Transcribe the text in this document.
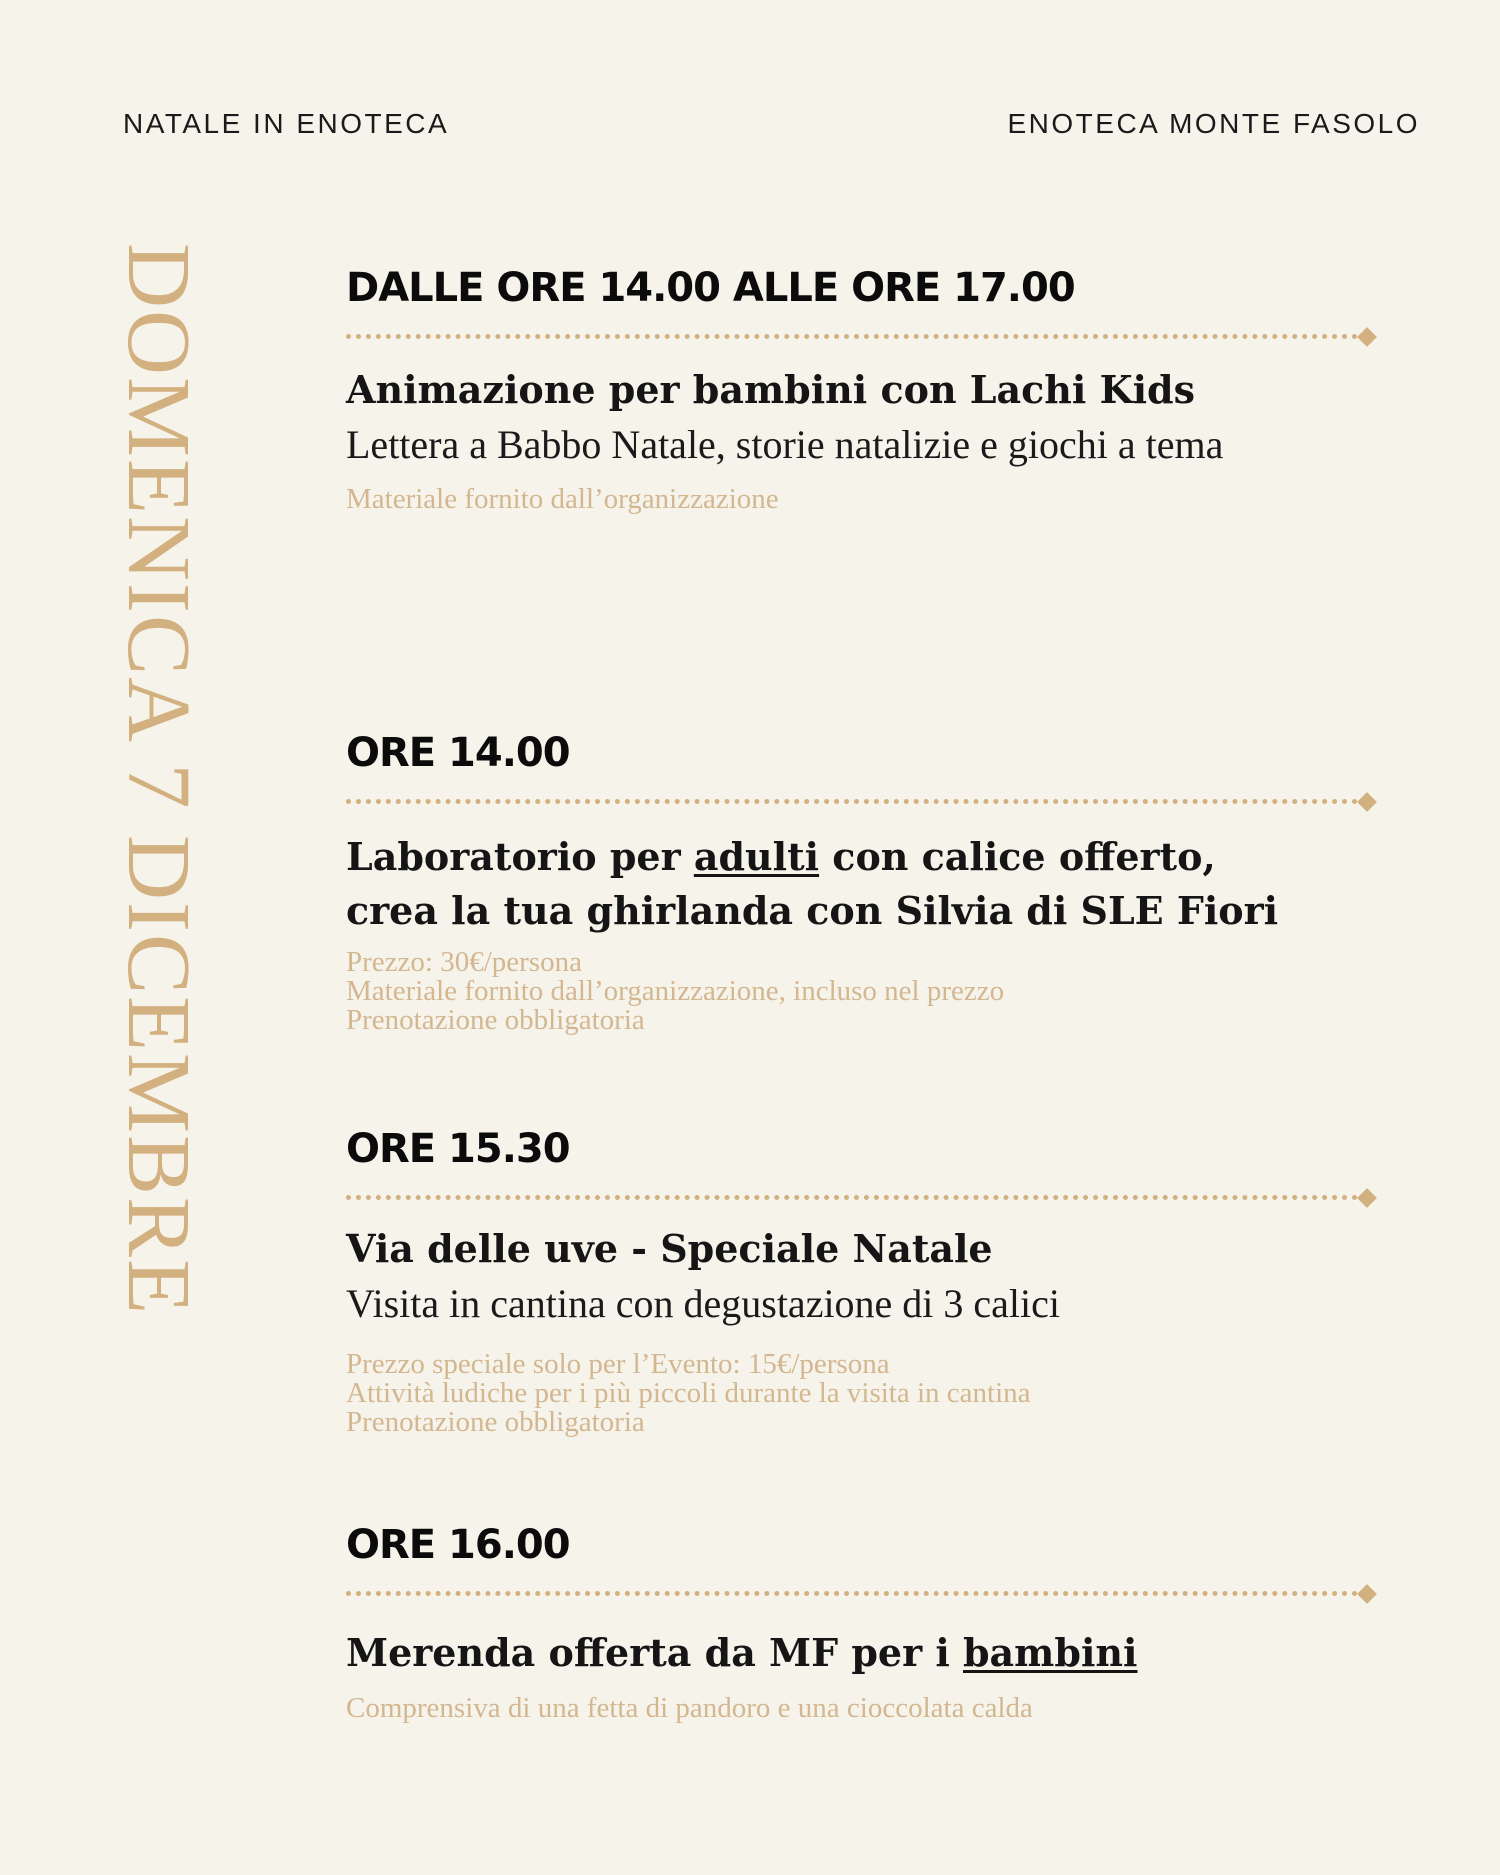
NATALE IN ENOTECA	ENOTECA MONTE FASOLO
DOMENICA 7 DICEMBRE	DALLE ORE 14.00 ALLE ORE 17.00

Animazione per bambini con Lachi Kids

Lettera a Babbo Natale, storie natalizie e giochi a tema

Materiale fornito dall’organizzazione

ORE 14.00

Laboratorio per adulti con calice offerto,

crea la tua ghirlanda con Silvia di SLE Fiori

Prezzo: 30€/persona

Materiale fornito dall’organizzazione, incluso nel prezzo

Prenotazione obbligatoria

ORE 15.30

Via delle uve - Speciale Natale

Visita in cantina con degustazione di 3 calici

Prezzo speciale solo per l’Evento: 15€/persona

Attività ludiche per i più piccoli durante la visita in cantina

Prenotazione obbligatoria

ORE 16.00

Merenda offerta da MF per i bambini

Comprensiva di una fetta di pandoro e una cioccolata calda
